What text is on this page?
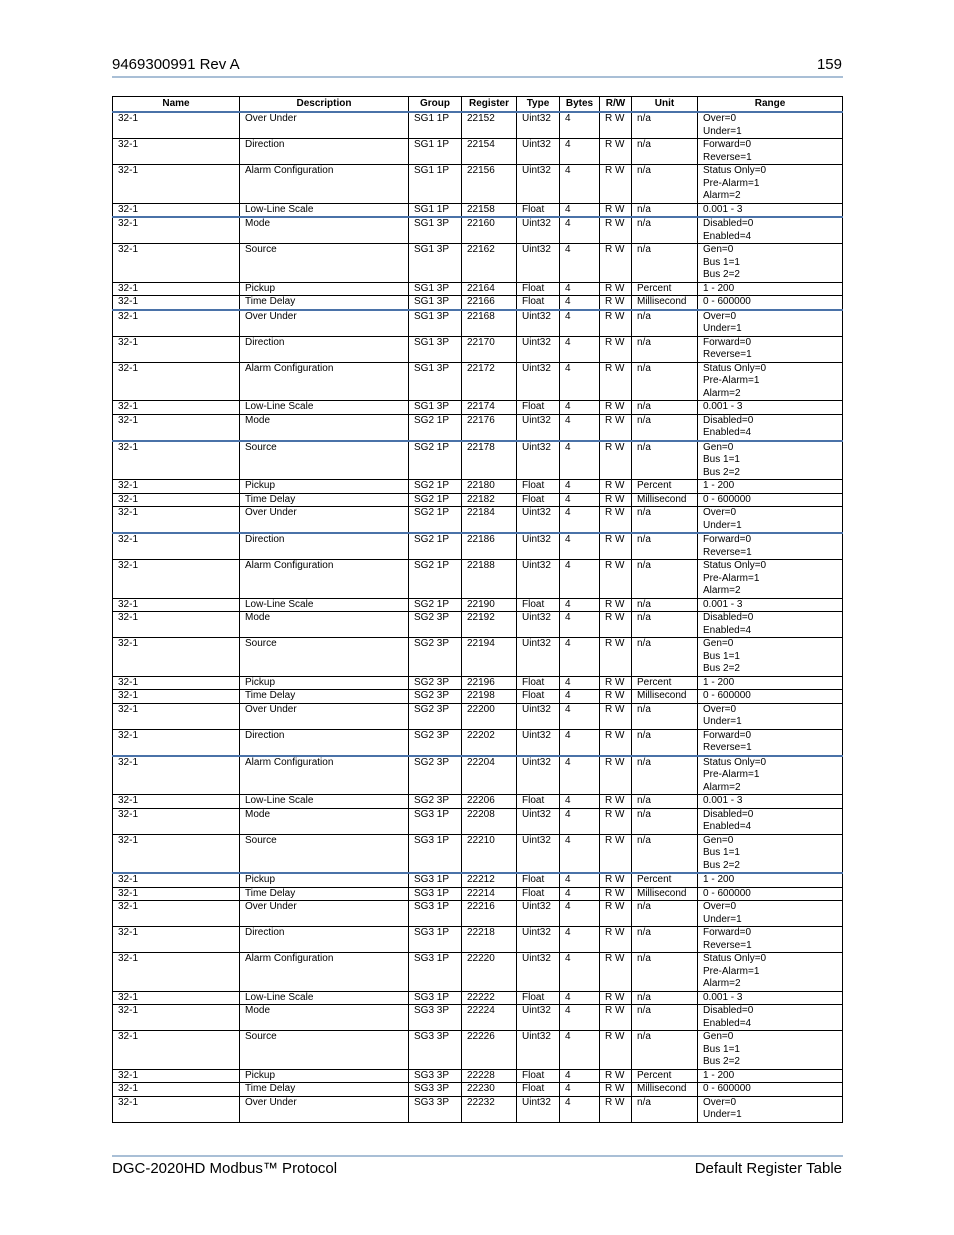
9469300991 Rev A	159
Name	Description	Group	Register	Type	Bytes	R/W	Unit	Range
32-1	Over Under	SG1 1P	22152	Uint32	4	R W	n/a	Over=0
Under=1

32-1	Direction	SG1 1P	22154	Uint32	4	R W	n/a	Forward=0
Reverse=1

32-1	Alarm Configuration	SG1 1P	22156	Uint32	4	R W	n/a	Status Only=0
Pre-Alarm=1
Alarm=2

32-1	Low-Line Scale	SG1 1P	22158	Float	4	R W	n/a	0.001 - 3

32-1	Mode	SG1 3P	22160	Uint32	4	R W	n/a	Disabled=0
Enabled=4

32-1	Source	SG1 3P	22162	Uint32	4	R W	n/a	Gen=0
Bus 1=1
Bus 2=2

32-1	Pickup	SG1 3P	22164	Float	4	R W	Percent	1 - 200

32-1	Time Delay	SG1 3P	22166	Float	4	R W	Millisecond	0 - 600000

32-1	Over Under	SG1 3P	22168	Uint32	4	R W	n/a	Over=0
Under=1

32-1	Direction	SG1 3P	22170	Uint32	4	R W	n/a	Forward=0
Reverse=1

32-1	Alarm Configuration	SG1 3P	22172	Uint32	4	R W	n/a	Status Only=0
Pre-Alarm=1
Alarm=2

32-1	Low-Line Scale	SG1 3P	22174	Float	4	R W	n/a	0.001 - 3

32-1	Mode	SG2 1P	22176	Uint32	4	R W	n/a	Disabled=0
Enabled=4

32-1	Source	SG2 1P	22178	Uint32	4	R W	n/a	Gen=0
Bus 1=1
Bus 2=2

32-1	Pickup	SG2 1P	22180	Float	4	R W	Percent	1 - 200

32-1	Time Delay	SG2 1P	22182	Float	4	R W	Millisecond	0 - 600000

32-1	Over Under	SG2 1P	22184	Uint32	4	R W	n/a	Over=0
Under=1

32-1	Direction	SG2 1P	22186	Uint32	4	R W	n/a	Forward=0
Reverse=1

32-1	Alarm Configuration	SG2 1P	22188	Uint32	4	R W	n/a	Status Only=0
Pre-Alarm=1
Alarm=2

32-1	Low-Line Scale	SG2 1P	22190	Float	4	R W	n/a	0.001 - 3

32-1	Mode	SG2 3P	22192	Uint32	4	R W	n/a	Disabled=0
Enabled=4

32-1	Source	SG2 3P	22194	Uint32	4	R W	n/a	Gen=0
Bus 1=1
Bus 2=2

32-1	Pickup	SG2 3P	22196	Float	4	R W	Percent	1 - 200

32-1	Time Delay	SG2 3P	22198	Float	4	R W	Millisecond	0 - 600000

32-1	Over Under	SG2 3P	22200	Uint32	4	R W	n/a	Over=0
Under=1

32-1	Direction	SG2 3P	22202	Uint32	4	R W	n/a	Forward=0
Reverse=1

32-1	Alarm Configuration	SG2 3P	22204	Uint32	4	R W	n/a	Status Only=0
Pre-Alarm=1
Alarm=2

32-1	Low-Line Scale	SG2 3P	22206	Float	4	R W	n/a	0.001 - 3

32-1	Mode	SG3 1P	22208	Uint32	4	R W	n/a	Disabled=0
Enabled=4

32-1	Source	SG3 1P	22210	Uint32	4	R W	n/a	Gen=0
Bus 1=1
Bus 2=2

32-1	Pickup	SG3 1P	22212	Float	4	R W	Percent	1 - 200

32-1	Time Delay	SG3 1P	22214	Float	4	R W	Millisecond	0 - 600000

32-1	Over Under	SG3 1P	22216	Uint32	4	R W	n/a	Over=0
Under=1

32-1	Direction	SG3 1P	22218	Uint32	4	R W	n/a	Forward=0
Reverse=1

32-1	Alarm Configuration	SG3 1P	22220	Uint32	4	R W	n/a	Status Only=0
Pre-Alarm=1
Alarm=2

32-1	Low-Line Scale	SG3 1P	22222	Float	4	R W	n/a	0.001 - 3

32-1	Mode	SG3 3P	22224	Uint32	4	R W	n/a	Disabled=0
Enabled=4

32-1	Source	SG3 3P	22226	Uint32	4	R W	n/a	Gen=0
Bus 1=1
Bus 2=2

32-1	Pickup	SG3 3P	22228	Float	4	R W	Percent	1 - 200

32-1	Time Delay	SG3 3P	22230	Float	4	R W	Millisecond	0 - 600000

32-1	Over Under	SG3 3P	22232	Uint32	4	R W	n/a	Over=0
Under=1
DGC-2020HD Modbus™ Protocol	Default Register Table
